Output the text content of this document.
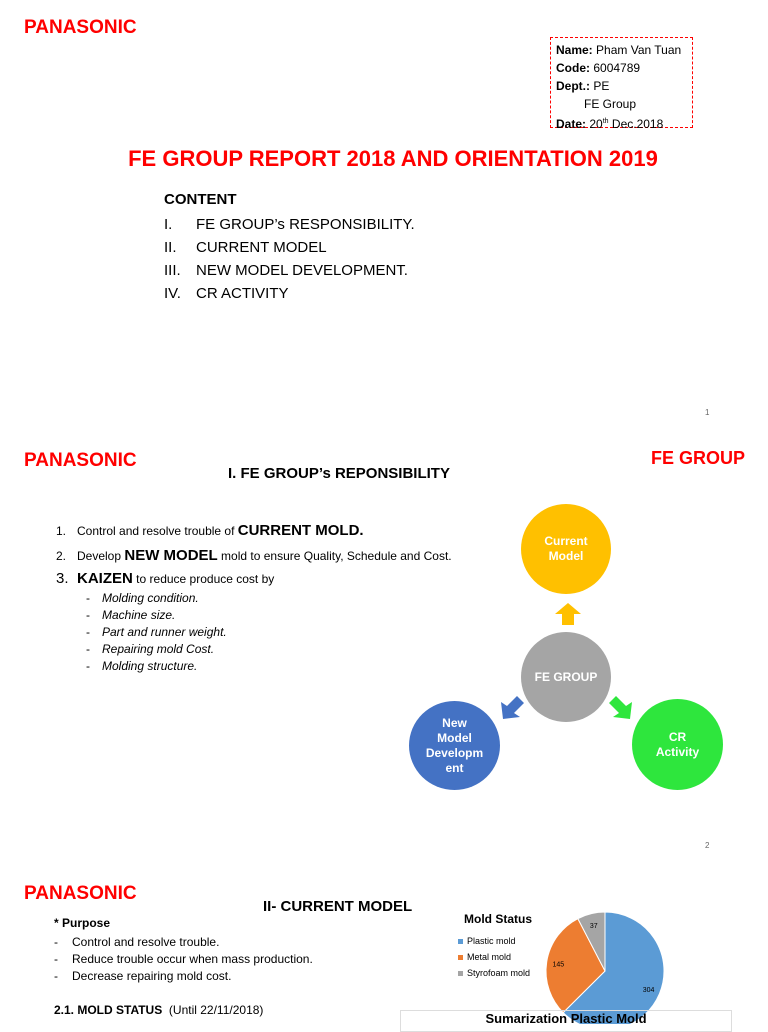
PANASONIC
Name: Pham Van Tuan
Code: 6004789
Dept.: PE
FE Group
Date: 20th Dec.2018
FE GROUP REPORT 2018 AND ORIENTATION 2019
CONTENT
I. FE GROUP’s RESPONSIBILITY.
II. CURRENT MODEL
III. NEW MODEL DEVELOPMENT.
IV. CR ACTIVITY
1
PANASONIC	FE GROUP
I. FE GROUP’s REPONSIBILITY
1. Control and resolve trouble of CURRENT MOLD.
2. Develop NEW MODEL mold to ensure Quality, Schedule and Cost.
3. KAIZEN to reduce produce cost by
- Molding condition.
- Machine size.
- Part and runner weight.
- Repairing mold Cost.
- Molding structure.
Current Model
FE GROUP
New Model Developm ent
CR Activity
2
PANASONIC
II- CURRENT MODEL
* Purpose
- Control and resolve trouble.
- Reduce trouble occur when mass production.
- Decrease repairing mold cost.
2.1. MOLD STATUS (Until 22/11/2018)
Mold Status
Plastic mold
Metal mold
Styrofoam mold
304
145
37
Sumarization Plastic Mold
